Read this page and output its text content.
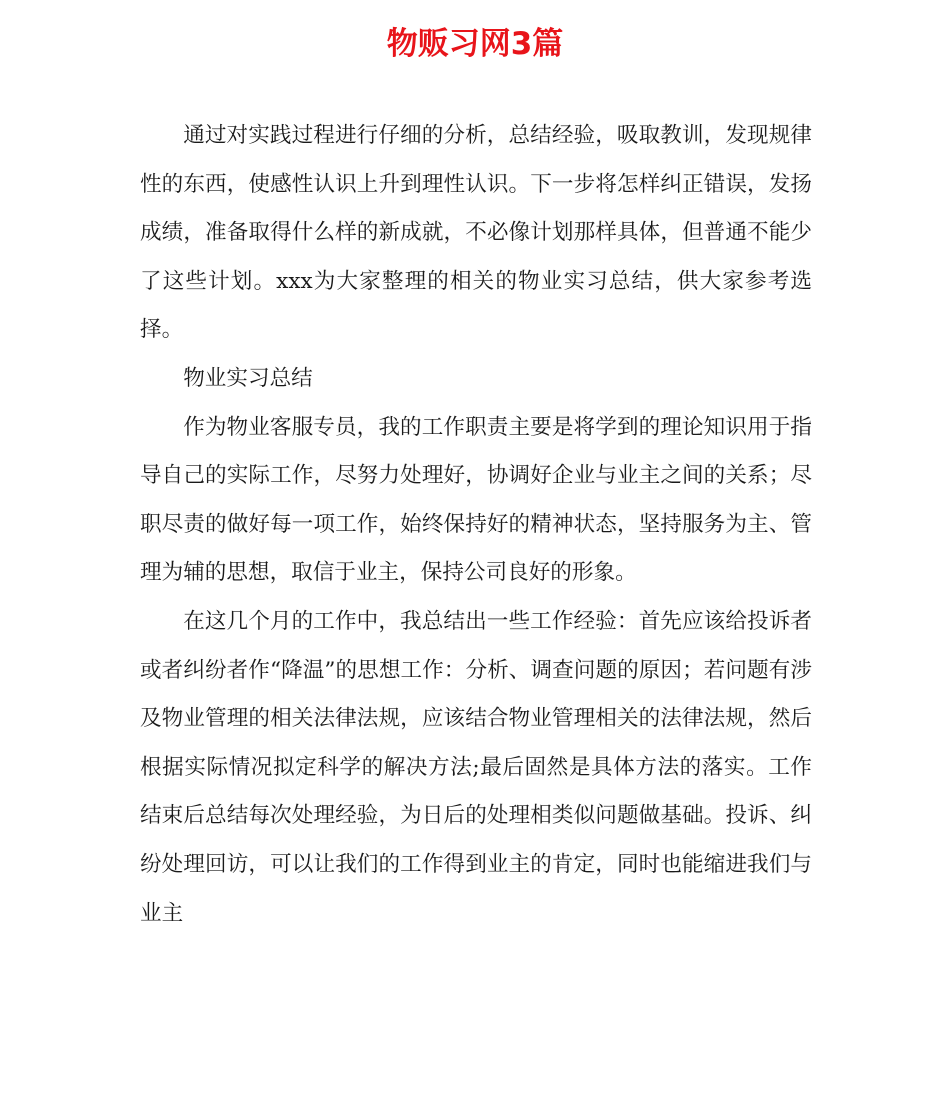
物贩习网3篇

通过对实践过程进行仔细的分析，总结经验，吸取教训，发现规律性的东西，使感性认识上升到理性认识。下一步将怎样纠正错误，发扬成绩，准备取得什么样的新成就，不必像计划那样具体，但普通不能少了这些计划。xxx为大家整理的相关的物业实习总结，供大家参考选择。

物业实习总结

作为物业客服专员，我的工作职责主要是将学到的理论知识用于指导自己的实际工作，尽努力处理好，协调好企业与业主之间的关系；尽职尽责的做好每一项工作，始终保持好的精神状态，坚持服务为主、管理为辅的思想，取信于业主，保持公司良好的形象。

在这几个月的工作中，我总结出一些工作经验：首先应该给投诉者或者纠纷者作“降温”的思想工作：分析、调查问题的原因；若问题有涉及物业管理的相关法律法规，应该结合物业管理相关的法律法规，然后根据实际情况拟定科学的解决方法;最后固然是具体方法的落实。工作结束后总结每次处理经验，为日后的处理相类似问题做基础。投诉、纠纷处理回访，可以让我们的工作得到业主的肯定，同时也能缩进我们与业主
